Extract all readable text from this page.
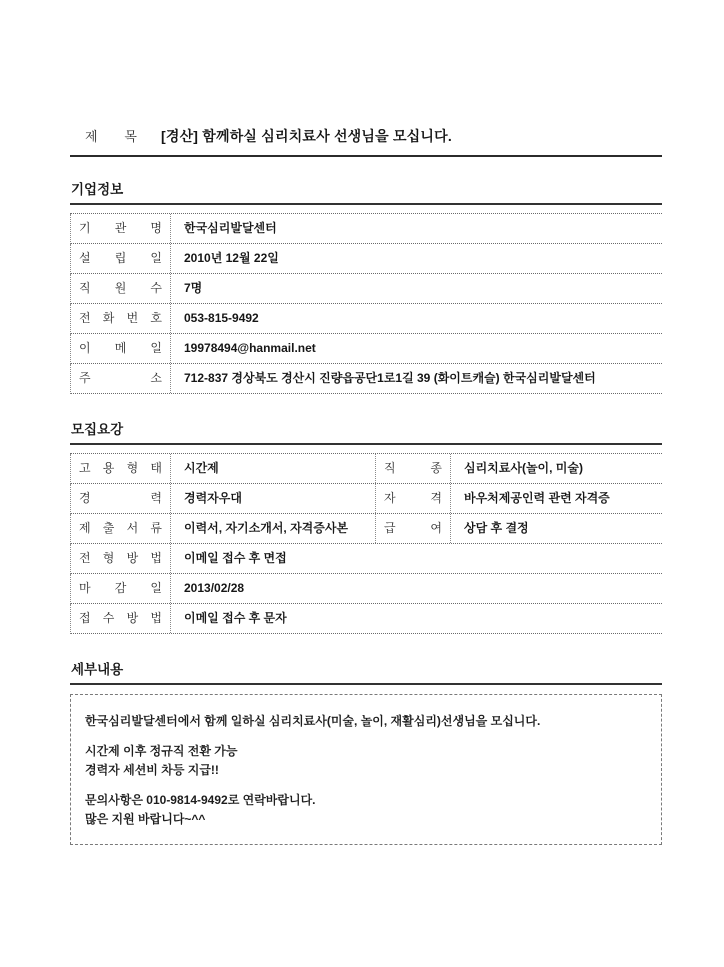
제 목 [경산] 함께하실 심리치료사 선생님을 모십니다.
기업정보
기 관 명	한국심리발달센터
설 립 일	2010년 12월 22일
직 원 수	7명
전 화 번 호	053-815-9492
이 메 일	19978494@hanmail.net
주 소	712-837 경상북도 경산시 진량읍공단1로1길 39 (화이트캐슬) 한국심리발달센터
모집요강
고 용 형 태	시간제	직 종	심리치료사(놀이, 미술)
경 력	경력자우대	자 격	바우처제공인력 관련 자격증
제 출 서 류	이력서, 자기소개서, 자격증사본	급 여	상담 후 결정
전 형 방 법	이메일 접수 후 면접
마 감 일	2013/02/28
접 수 방 법	이메일 접수 후 문자
세부내용
한국심리발달센터에서 함께 일하실 심리치료사(미술, 놀이, 재활심리)선생님을 모십니다.
시간제 이후 정규직 전환 가능
경력자 세션비 차등 지급!!
문의사항은 010-9814-9492로 연락바랍니다.
많은 지원 바랍니다~^^
